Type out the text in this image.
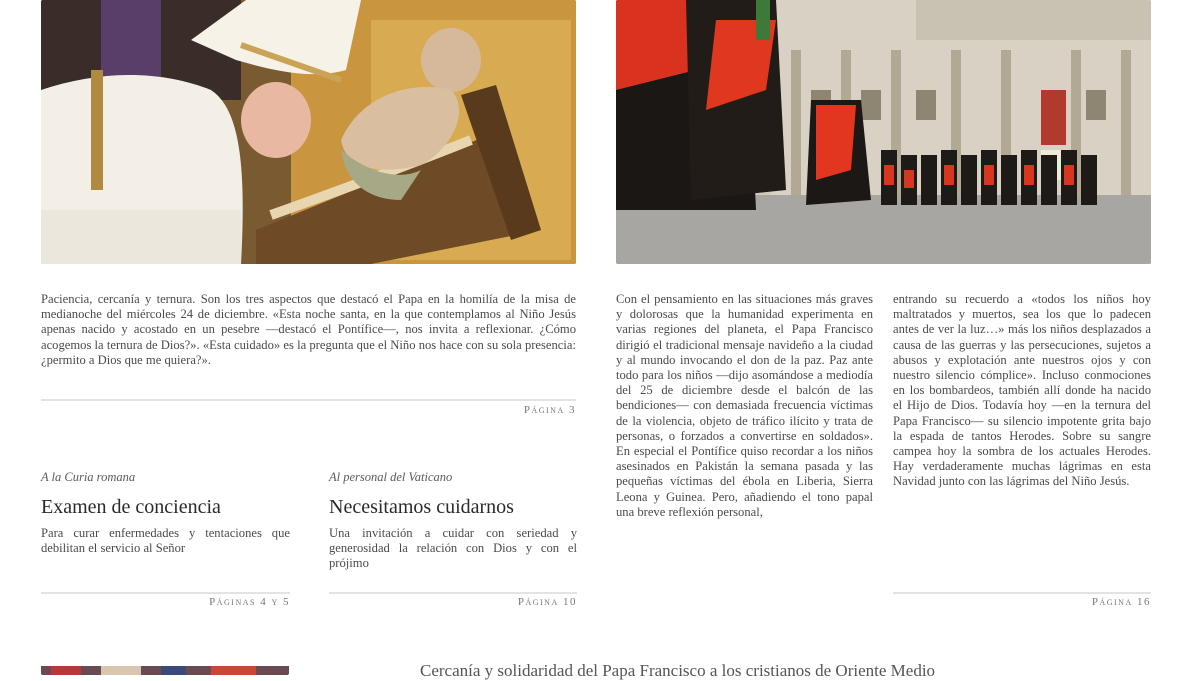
Paciencia, cercanía y ternura. Son los tres aspectos que destacó el Papa en la homilía de la misa de medianoche del miércoles 24 de diciembre. «Esta noche santa, en la que contemplamos al Niño Jesús apenas nacido y acostado en un pesebre —destacó el Pontífice—, nos invita a reflexionar. ¿Cómo acogemos la ternura de Dios?». «Esta cuidado» es la pregunta que el Niño nos hace con su sola presencia: ¿permito a Dios que me quiera?».
Página 3
A la Curia romana
Examen de conciencia
Para curar enfermedades y tentaciones que debilitan el servicio al Señor
Páginas 4 y 5
Al personal del Vaticano
Necesitamos cuidarnos
Una invitación a cuidar con seriedad y generosidad la relación con Dios y con el prójimo
Página 10
Con el pensamiento en las situaciones más graves y dolorosas que la humanidad experimenta en varias regiones del planeta, el Papa Francisco dirigió el tradicional mensaje navideño a la ciudad y al mundo invocando el don de la paz. Paz ante todo para los niños —dijo asomándose a mediodía del 25 de diciembre desde el balcón de las bendiciones— con demasiada frecuencia víctimas de la violencia, objeto de tráfico ilícito y trata de personas, o forzados a convertirse en soldados». En especial el Pontífice quiso recordar a los niños asesinados en Pakistán la semana pasada y las pequeñas víctimas del ébola en Liberia, Sierra Leona y Guinea. Pero, añadiendo el tono papal una breve reflexión personal,
entrando su recuerdo a «todos los niños hoy maltratados y muertos, sea los que lo padecen antes de ver la luz…» más los niños desplazados a causa de las guerras y las persecuciones, sujetos a abusos y explotación ante nuestros ojos y con nuestro silencio cómplice». Incluso conmociones en los bombardeos, también allí donde ha nacido el Hijo de Dios. Todavía hoy —en la ternura del Papa Francisco— su silencio impotente grita bajo la espada de tantos Herodes. Sobre su sangre campea hoy la sombra de los actuales Herodes. Hay verdaderamente muchas lágrimas en esta Navidad junto con las lágrimas del Niño Jesús.
Página 16
Cercanía y solidaridad del Papa Francisco a los cristianos de Oriente Medio
